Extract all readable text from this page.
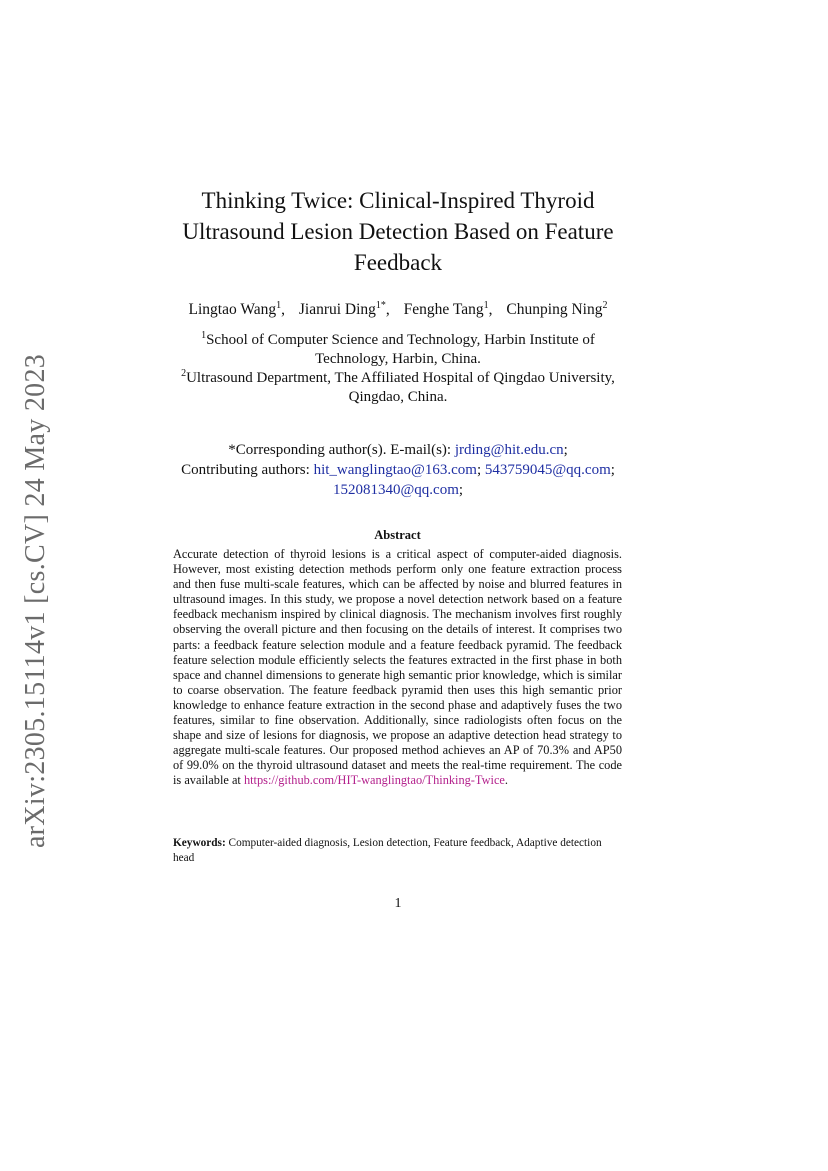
arXiv:2305.15114v1 [cs.CV] 24 May 2023
Thinking Twice: Clinical-Inspired Thyroid
Ultrasound Lesion Detection Based on Feature
Feedback
Lingtao Wang$^1$, Jianrui Ding$^{1*}$, Fenghe Tang$^1$, Chunping Ning$^2$

$^1$School of Computer Science and Technology, Harbin Institute of

Technology, Harbin, China.

$^2$Ultrasound Department, The Affiliated Hospital of Qingdao University,

Qingdao, China.

*Corresponding author(s). E-mail(s): jrding@hit.edu.cn;

Contributing authors: hit_wanglingtao@163.com; 543759045@qq.com;

152081340@qq.com;

Abstract
Accurate detection of thyroid lesions is a critical aspect of computer-aided diagnosis. However, most existing detection methods perform only one feature extraction process and then fuse multi-scale features, which can be affected by noise and blurred features in ultrasound images. In this study, we propose a novel detection network based on a feature feedback mechanism inspired by clinical diagnosis. The mechanism involves first roughly observing the overall picture and then focusing on the details of interest. It comprises two parts: a feedback feature selection module and a feature feedback pyramid. The feedback feature selection module efficiently selects the features extracted in the first phase in both space and channel dimensions to generate high semantic prior knowledge, which is similar to coarse observation. The feature feedback pyramid then uses this high semantic prior knowledge to enhance feature extraction in the second phase and adaptively fuses the two features, similar to fine observation. Additionally, since radiologists often focus on the shape and size of lesions for diagnosis, we propose an adaptive detection head strategy to aggregate multi-scale features. Our proposed method achieves an AP of 70.3% and AP50 of 99.0% on the thyroid ultrasound dataset and meets the real-time requirement. The code is available at https://github.com/HIT-wanglingtao/Thinking-Twice.
Keywords: Computer-aided diagnosis, Lesion detection, Feature feedback, Adaptive detection head
1
